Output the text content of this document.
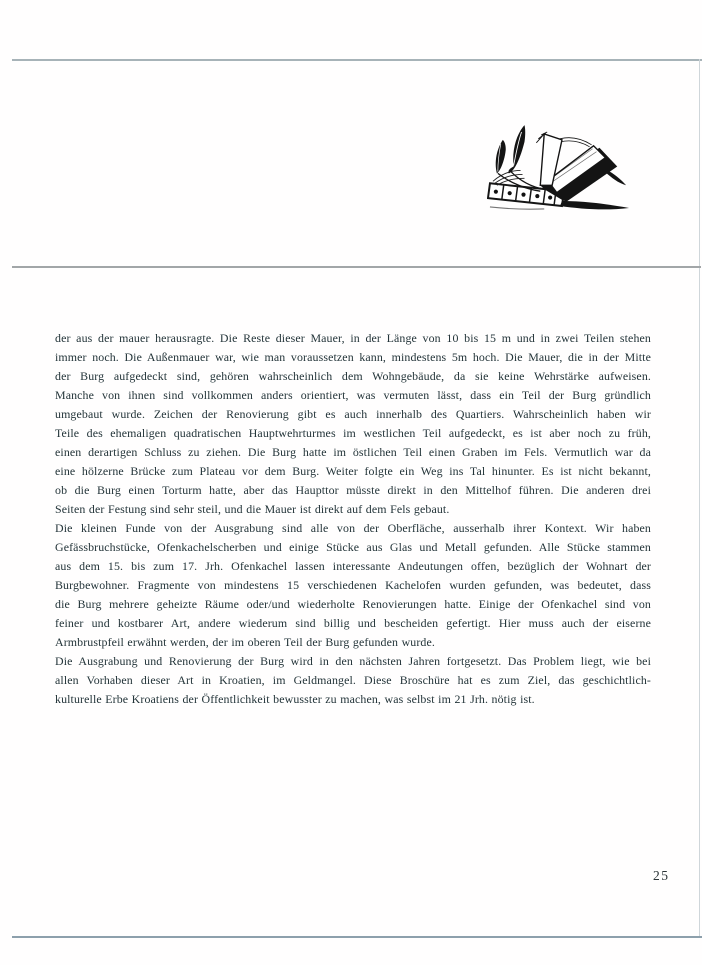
der aus der mauer herausragte. Die Reste dieser Mauer, in der Länge von 10 bis 15 m und in zwei Teilen stehen
immer noch. Die Außenmauer war, wie man voraussetzen kann, mindestens 5m hoch. Die Mauer, die in der Mitte
der Burg aufgedeckt sind, gehören wahrscheinlich dem Wohngebäude, da sie keine Wehrstärke aufweisen.
Manche von ihnen sind vollkommen anders orientiert, was vermuten lässt, dass ein Teil der Burg gründlich
umgebaut wurde. Zeichen der Renovierung gibt es auch innerhalb des Quartiers. Wahrscheinlich haben wir
Teile des ehemaligen quadratischen Hauptwehrturmes im westlichen Teil aufgedeckt, es ist aber noch zu früh,
einen derartigen Schluss zu ziehen. Die Burg hatte im östlichen Teil einen Graben im Fels. Vermutlich war da
eine hölzerne Brücke zum Plateau vor dem Burg. Weiter folgte ein Weg ins Tal hinunter. Es ist nicht bekannt,
ob die Burg einen Torturm hatte, aber das Haupttor müsste direkt in den Mittelhof führen. Die anderen drei
Seiten der Festung sind sehr steil, und die Mauer ist direkt auf dem Fels gebaut.
Die kleinen Funde von der Ausgrabung sind alle von der Oberfläche, ausserhalb ihrer Kontext. Wir haben
Gefässbruchstücke, Ofenkachelscherben und einige Stücke aus Glas und Metall gefunden. Alle Stücke stammen
aus dem 15. bis zum 17. Jrh. Ofenkachel lassen interessante Andeutungen offen, bezüglich der Wohnart der
Burgbewohner. Fragmente von mindestens 15 verschiedenen Kachelofen wurden gefunden, was bedeutet, dass
die Burg mehrere geheizte Räume oder/und wiederholte Renovierungen hatte. Einige der Ofenkachel sind von
feiner und kostbarer Art, andere wiederum sind billig und bescheiden gefertigt. Hier muss auch der eiserne
Armbrustpfeil erwähnt werden, der im oberen Teil der Burg gefunden wurde.
Die Ausgrabung und Renovierung der Burg wird in den nächsten Jahren fortgesetzt. Das Problem liegt, wie bei
allen Vorhaben dieser Art in Kroatien, im Geldmangel. Diese Broschüre hat es zum Ziel, das geschichtlich-
kulturelle Erbe Kroatiens der Öffentlichkeit bewusster zu machen, was selbst im 21 Jrh. nötig ist.
25
